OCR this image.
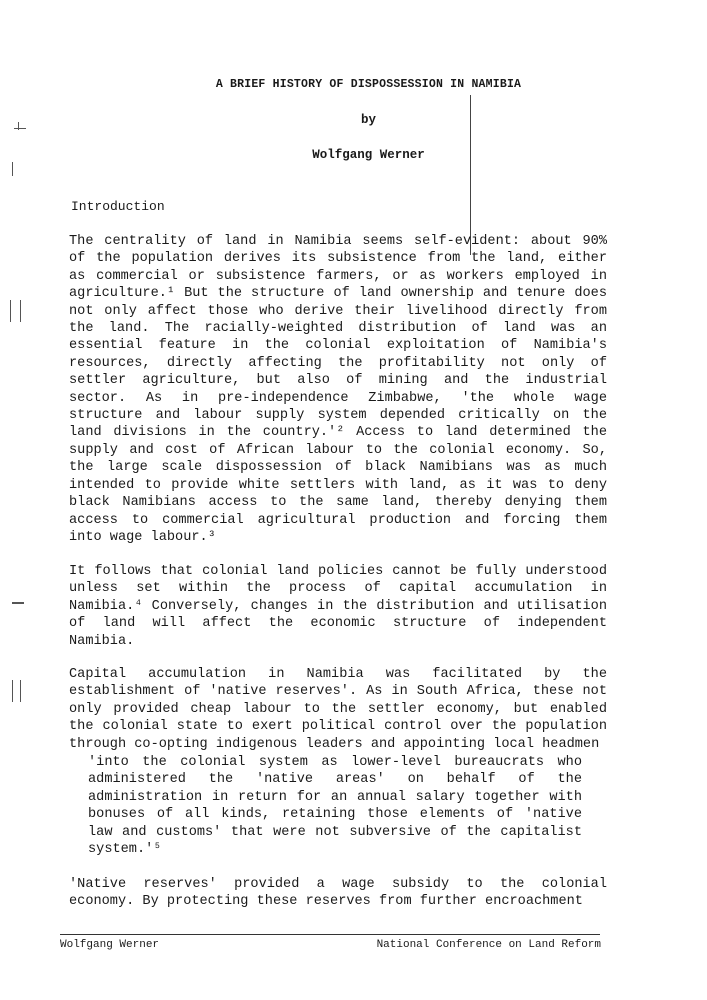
A BRIEF HISTORY OF DISPOSSESSION IN NAMIBIA
by
Wolfgang Werner
Introduction
The centrality of land in Namibia seems self-evident: about 90% of the population derives its subsistence from the land, either as commercial or subsistence farmers, or as workers employed in agriculture.¹ But the structure of land ownership and tenure does not only affect those who derive their livelihood directly from the land. The racially-weighted distribution of land was an essential feature in the colonial exploitation of Namibia's resources, directly affecting the profitability not only of settler agriculture, but also of mining and the industrial sector. As in pre-independence Zimbabwe, 'the whole wage structure and labour supply system depended critically on the land divisions in the country.'² Access to land determined the supply and cost of African labour to the colonial economy. So, the large scale dispossession of black Namibians was as much intended to provide white settlers with land, as it was to deny black Namibians access to the same land, thereby denying them access to commercial agricultural production and forcing them into wage labour.³
It follows that colonial land policies cannot be fully understood unless set within the process of capital accumulation in Namibia.⁴ Conversely, changes in the distribution and utilisation of land will affect the economic structure of independent Namibia.
Capital accumulation in Namibia was facilitated by the establishment of 'native reserves'. As in South Africa, these not only provided cheap labour to the settler economy, but enabled the colonial state to exert political control over the population through co-opting indigenous leaders and appointing local headmen
'into the colonial system as lower-level bureaucrats who administered the 'native areas' on behalf of the administration in return for an annual salary together with bonuses of all kinds, retaining those elements of 'native law and customs' that were not subversive of the capitalist system.'⁵
'Native reserves' provided a wage subsidy to the colonial economy. By protecting these reserves from further encroachment
Wolfgang Werner	National Conference on Land Reform
